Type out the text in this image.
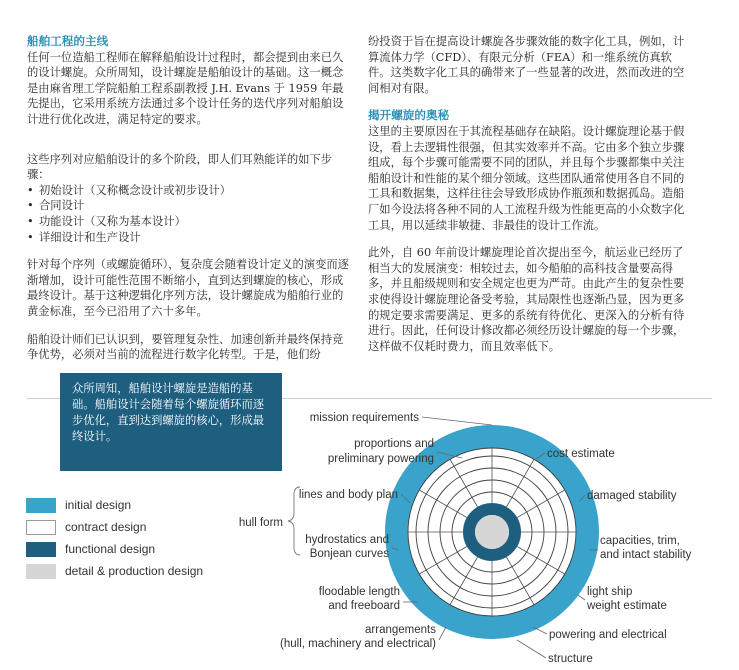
船舶工程的主线

任何一位造船工程师在解释船舶设计过程时，都会提到由来已久的设计螺旋。众所周知，设计螺旋是船舶设计的基础。这一概念是由麻省理工学院船舶工程系副教授 J.H. Evans 于 1959 年最先提出，它采用系统方法通过多个设计任务的迭代序列对船舶设计进行优化改进，满足特定的要求。

这些序列对应船舶设计的多个阶段，即人们耳熟能详的如下步骤：

• 初始设计（又称概念设计或初步设计）
• 合同设计
• 功能设计（又称为基本设计）
• 详细设计和生产设计

针对每个序列（或螺旋循环），复杂度会随着设计定义的演变而逐渐增加，设计可能性范围不断缩小，直到达到螺旋的核心，形成最终设计。基于这种逻辑化序列方法，设计螺旋成为船舶行业的黄金标准，至今已沿用了六十多年。

船舶设计师们已认识到，要管理复杂性、加速创新并最终保持竞争优势，必须对当前的流程进行数字化转型。于是，他们纷

纷投资于旨在提高设计螺旋各步骤效能的数字化工具，例如，计算流体力学（CFD）、有限元分析（FEA）和一维系统仿真软件。这类数字化工具的确带来了一些显著的改进，然而改进的空间相对有限。

揭开螺旋的奥秘

这里的主要原因在于其流程基础存在缺陷。设计螺旋理论基于假设，看上去逻辑性很强，但其实效率并不高。它由多个独立步骤组成，每个步骤可能需要不同的团队，并且每个步骤都集中关注船舶设计和性能的某个细分领域。这些团队通常使用各自不同的工具和数据集，这样往往会导致形成协作瓶颈和数据孤岛。造船厂如今设法将各种不同的人工流程升级为性能更高的小众数字化工具，用以延续非敏捷、非最佳的设计工作流。

此外，自 60 年前设计螺旋理论首次提出至今，航运业已经历了相当大的发展演变：相较过去，如今船舶的高科技含量要高得多，并且船级规则和安全规定也更为严苛。由此产生的复杂性要求使得设计螺旋理论备受考验，其局限性也逐渐凸显，因为更多的规定要求需要满足、更多的系统有待优化、更深入的分析有待进行。因此，任何设计修改都必须经历设计螺旋的每一个步骤，这样做不仅耗时费力，而且效率低下。

众所周知，船舶设计螺旋是造船的基础。船舶设计会随着每个螺旋循环而逐步优化，直到达到螺旋的核心，形成最终设计。
initial design
contract design
functional design
detail & production design
mission requirements
proportions and
preliminary powering
lines and body plan
hull form
hydrostatics and
Bonjean curves
floodable length
and freeboard
arrangements
(hull, machinery and electrical)
structure
powering and electrical
light ship
weight estimate
capacities, trim,
and intact stability
damaged stability
cost estimate
